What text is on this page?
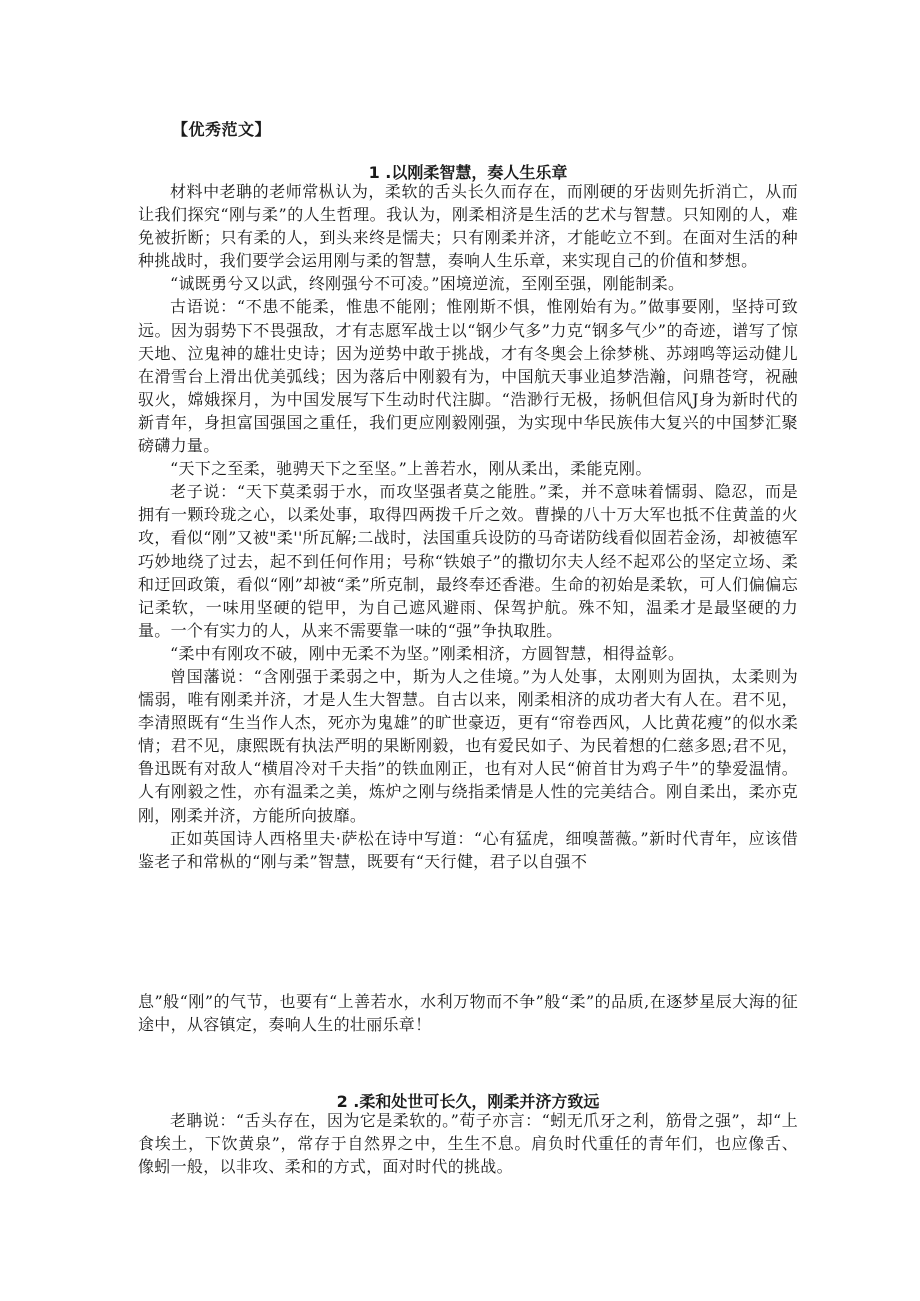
【优秀范文】
1 .以刚柔智慧，奏人生乐章

材料中老聃的老师常枞认为，柔软的舌头长久而存在，而刚硬的牙齿则先折消亡，从而让我们探究“刚与柔”的人生哲理。我认为，刚柔相济是生活的艺术与智慧。只知刚的人，难免被折断；只有柔的人，到头来终是懦夫；只有刚柔并济，才能屹立不到。在面对生活的种种挑战时，我们要学会运用刚与柔的智慧，奏响人生乐章，来实现自己的价值和梦想。

“诚既勇兮又以武，终刚强兮不可凌。”困境逆流，至刚至强，刚能制柔。

古语说：“不患不能柔，惟患不能刚；惟刚斯不惧，惟刚始有为。”做事要刚，坚持可致远。因为弱势下不畏强敌，才有志愿军战士以“钢少气多”力克“钢多气少”的奇迹，谱写了惊天地、泣鬼神的雄壮史诗；因为逆势中敢于挑战，才有冬奥会上徐梦桃、苏翊鸣等运动健儿在滑雪台上滑出优美弧线；因为落后中刚毅有为，中国航天事业追梦浩瀚，问鼎苍穹，祝融驭火，嫦娥探月，为中国发展写下生动时代注脚。“浩渺行无极，扬帆但信风J身为新时代的新青年，身担富国强国之重任，我们更应刚毅刚强，为实现中华民族伟大复兴的中国梦汇聚磅礴力量。

“天下之至柔，驰骋天下之至坚。”上善若水，刚从柔出，柔能克刚。

老子说：“天下莫柔弱于水，而攻坚强者莫之能胜。”柔，并不意味着懦弱、隐忍，而是拥有一颗玲珑之心，以柔处事，取得四两拨千斤之效。曹操的八十万大军也抵不住黄盖的火攻，看似“刚”又被"柔''所瓦解;二战时，法国重兵设防的马奇诺防线看似固若金汤，却被德军巧妙地绕了过去，起不到任何作用；号称“铁娘子”的撒切尔夫人经不起邓公的坚定立场、柔和迂回政策，看似“刚”却被“柔”所克制，最终奉还香港。生命的初始是柔软，可人们偏偏忘记柔软，一味用坚硬的铠甲，为自己遮风避雨、保驾护航。殊不知，温柔才是最坚硬的力量。一个有实力的人，从来不需要靠一味的“强”争执取胜。

“柔中有刚攻不破，刚中无柔不为坚。”刚柔相济，方圆智慧，相得益彰。

曾国藩说：“含刚强于柔弱之中，斯为人之佳境。”为人处事，太刚则为固执，太柔则为懦弱，唯有刚柔并济，才是人生大智慧。自古以来，刚柔相济的成功者大有人在。君不见，李清照既有“生当作人杰，死亦为鬼雄”的旷世豪迈，更有“帘卷西风，人比黄花瘦”的似水柔情；君不见，康熙既有执法严明的果断刚毅，也有爱民如子、为民着想的仁慈多恩;君不见，鲁迅既有对敌人“横眉冷对千夫指”的铁血刚正，也有对人民“俯首甘为鸡子牛”的挚爱温情。人有刚毅之性，亦有温柔之美，炼炉之刚与绕指柔情是人性的完美结合。刚自柔出，柔亦克刚，刚柔并济，方能所向披靡。

正如英国诗人西格里夫·萨松在诗中写道：“心有猛虎，细嗅蔷薇。”新时代青年，应该借鉴老子和常枞的“刚与柔”智慧，既要有“天行健，君子以自强不

息”般“刚”的气节，也要有“上善若水，水利万物而不争”般“柔”的品质,在逐梦星辰大海的征途中，从容镇定，奏响人生的壮丽乐章！

2 .柔和处世可长久，刚柔并济方致远

老聃说：“舌头存在，因为它是柔软的。”荀子亦言：“蚓无爪牙之利，筋骨之强”，却“上食埃土，下饮黄泉”，常存于自然界之中，生生不息。肩负时代重任的青年们，也应像舌、像蚓一般，以非攻、柔和的方式，面对时代的挑战。
